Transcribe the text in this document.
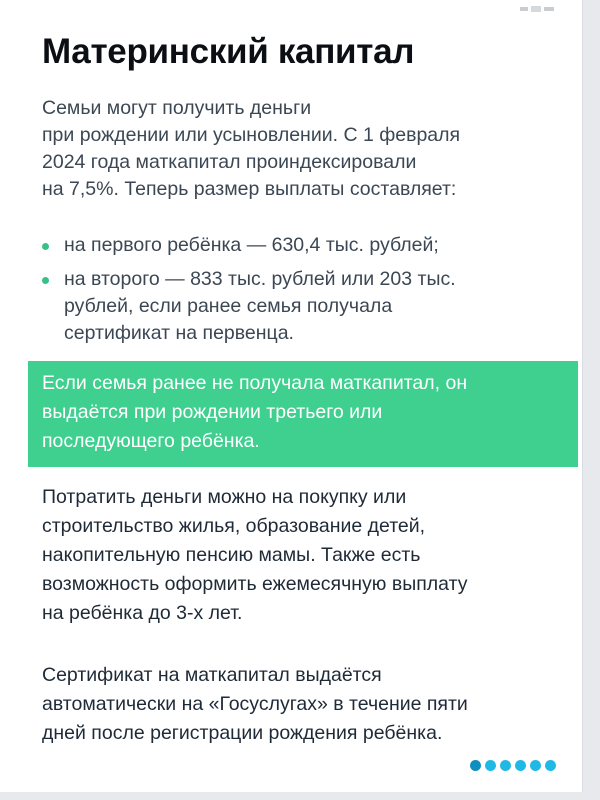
Материнский капитал
Семьи могут получить деньги
при рождении или усыновлении. С 1 февраля
2024 года маткапитал проиндексировали
на 7,5%. Теперь размер выплаты составляет:
на первого ребёнка — 630,4 тыс. рублей;
на второго — 833 тыс. рублей или 203 тыс.
рублей, если ранее семья получала
сертификат на первенца.
Если семья ранее не получала маткапитал, он
выдаётся при рождении третьего или
последующего ребёнка.
Потратить деньги можно на покупку или
строительство жилья, образование детей,
накопительную пенсию мамы. Также есть
возможность оформить ежемесячную выплату
на ребёнка до 3-х лет.
Сертификат на маткапитал выдаётся
автоматически на «Госуслугах» в течение пяти
дней после регистрации рождения ребёнка.
